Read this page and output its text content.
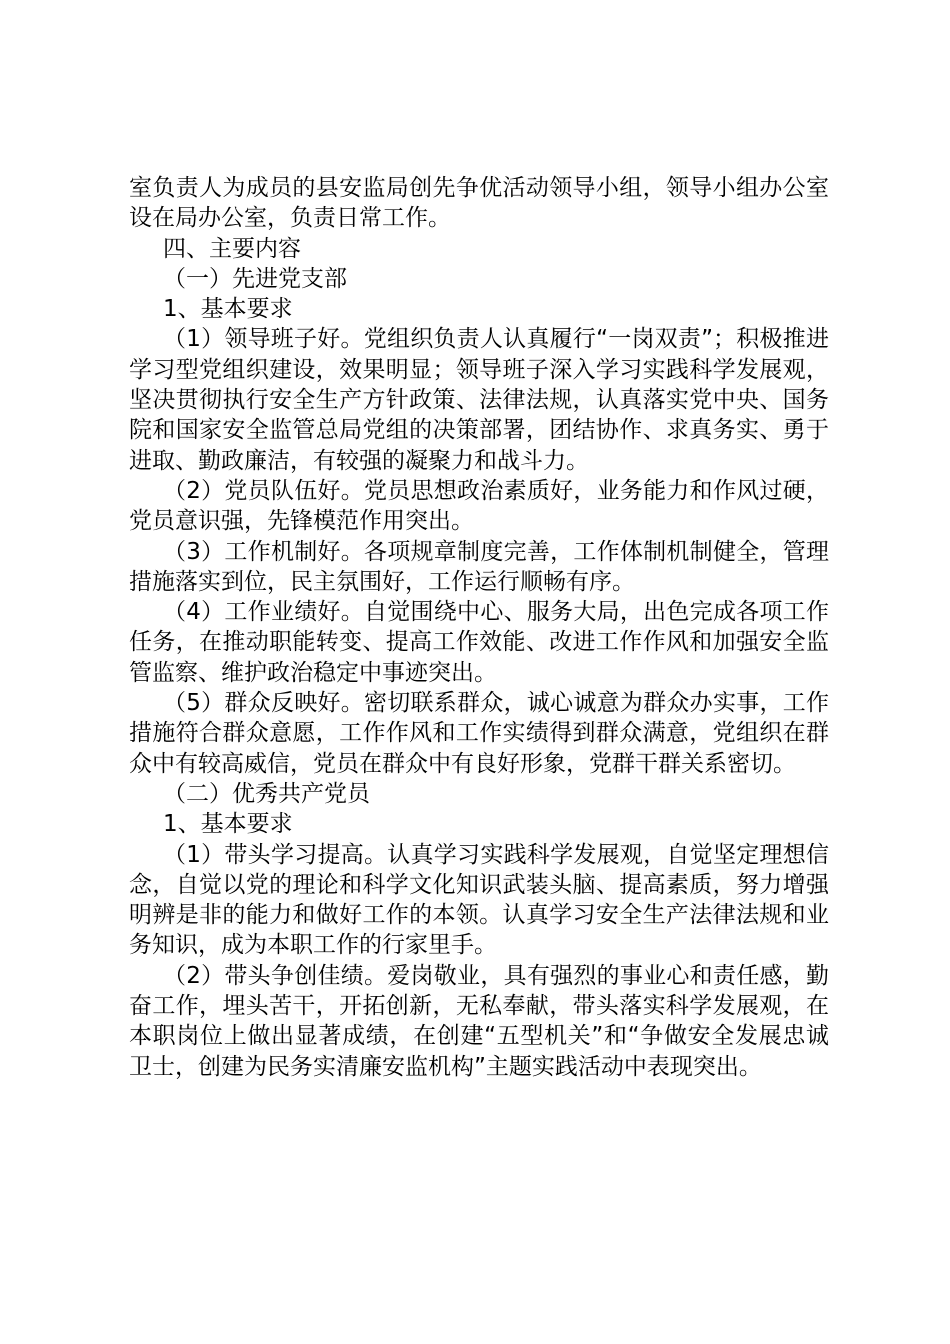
室负责人为成员的县安监局创先争优活动领导小组，领导小组办公室设在局办公室，负责日常工作。

四、主要内容

（一）先进党支部

1、基本要求

（1）领导班子好。党组织负责人认真履行“一岗双责”；积极推进学习型党组织建设，效果明显；领导班子深入学习实践科学发展观，坚决贯彻执行安全生产方针政策、法律法规，认真落实党中央、国务院和国家安全监管总局党组的决策部署，团结协作、求真务实、勇于进取、勤政廉洁，有较强的凝聚力和战斗力。

（2）党员队伍好。党员思想政治素质好，业务能力和作风过硬，党员意识强，先锋模范作用突出。

（3）工作机制好。各项规章制度完善，工作体制机制健全，管理措施落实到位，民主氛围好，工作运行顺畅有序。

（4）工作业绩好。自觉围绕中心、服务大局，出色完成各项工作任务，在推动职能转变、提高工作效能、改进工作作风和加强安全监管监察、维护政治稳定中事迹突出。

（5）群众反映好。密切联系群众，诚心诚意为群众办实事，工作措施符合群众意愿，工作作风和工作实绩得到群众满意，党组织在群众中有较高威信，党员在群众中有良好形象，党群干群关系密切。

（二）优秀共产党员

1、基本要求

（1）带头学习提高。认真学习实践科学发展观，自觉坚定理想信念，自觉以党的理论和科学文化知识武装头脑、提高素质，努力增强明辨是非的能力和做好工作的本领。认真学习安全生产法律法规和业务知识，成为本职工作的行家里手。

（2）带头争创佳绩。爱岗敬业，具有强烈的事业心和责任感，勤奋工作，埋头苦干，开拓创新，无私奉献，带头落实科学发展观，在本职岗位上做出显著成绩，在创建“五型机关”和“争做安全发展忠诚卫士，创建为民务实清廉安监机构”主题实践活动中表现突出。
